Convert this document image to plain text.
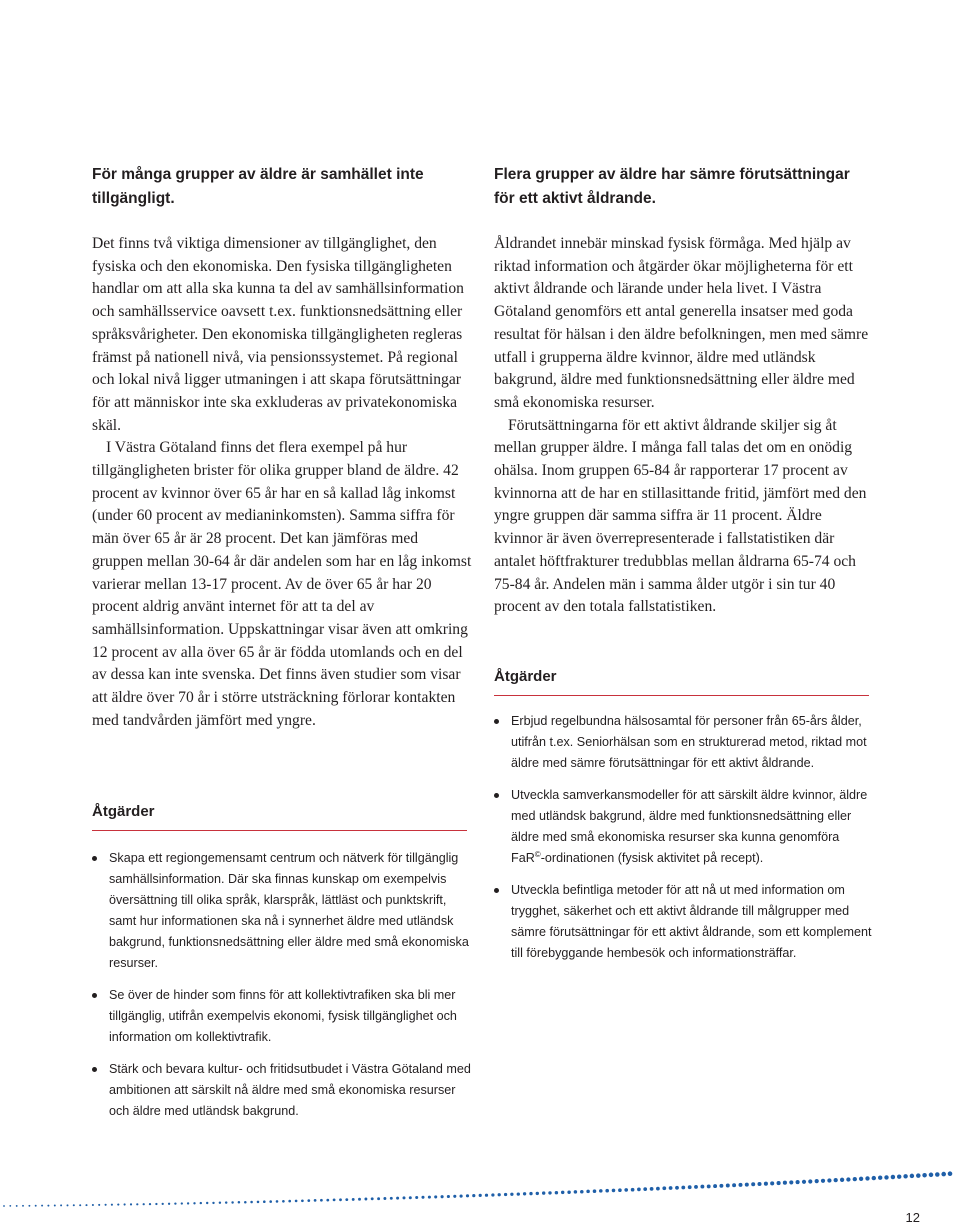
För många grupper av äldre är samhället inte tillgängligt.

Det finns två viktiga dimensioner av tillgänglighet, den fysiska och den ekonomiska. Den fysiska tillgängligheten handlar om att alla ska kunna ta del av samhällsinformation och samhällsservice oavsett t.ex. funktionsnedsättning eller språksvårigheter. Den ekonomiska tillgängligheten regleras främst på nationell nivå, via pensionssystemet. På regional och lokal nivå ligger utmaningen i att skapa förutsättningar för att människor inte ska exkluderas av privatekonomiska skäl.

I Västra Götaland finns det flera exempel på hur tillgängligheten brister för olika grupper bland de äldre. 42 procent av kvinnor över 65 år har en så kallad låg inkomst (under 60 procent av medianinkomsten). Samma siffra för män över 65 år är 28 procent. Det kan jämföras med gruppen mellan 30-64 år där andelen som har en låg inkomst varierar mellan 13-17 procent. Av de över 65 år har 20 procent aldrig använt internet för att ta del av samhällsinformation. Uppskattningar visar även att omkring 12 procent av alla över 65 år är födda utomlands och en del av dessa kan inte svenska. Det finns även studier som visar att äldre över 70 år i större utsträckning förlorar kontakten med tandvården jämfört med yngre.

Åtgärder
Skapa ett regiongemensamt centrum och nätverk för tillgänglig samhällsinformation. Där ska finnas kunskap om exempelvis översättning till olika språk, klarspråk, lättläst och punktskrift, samt hur informationen ska nå i synnerhet äldre med utländsk bakgrund, funktionsnedsättning eller äldre med små ekonomiska resurser.
Se över de hinder som finns för att kollektivtrafiken ska bli mer tillgänglig, utifrån exempelvis ekonomi, fysisk tillgänglighet och information om kollektivtrafik.
Stärk och bevara kultur- och fritidsutbudet i Västra Götaland med ambitionen att särskilt nå äldre med små ekonomiska resurser och äldre med utländsk bakgrund.
Flera grupper av äldre har sämre förutsättningar för ett aktivt åldrande.

Åldrandet innebär minskad fysisk förmåga. Med hjälp av riktad information och åtgärder ökar möjligheterna för ett aktivt åldrande och lärande under hela livet. I Västra Götaland genomförs ett antal generella insatser med goda resultat för hälsan i den äldre befolkningen, men med sämre utfall i grupperna äldre kvinnor, äldre med utländsk bakgrund, äldre med funktionsnedsättning eller äldre med små ekonomiska resurser.

Förutsättningarna för ett aktivt åldrande skiljer sig åt mellan grupper äldre. I många fall talas det om en onödig ohälsa. Inom gruppen 65-84 år rapporterar 17 procent av kvinnorna att de har en stillasittande fritid, jämfört med den yngre gruppen där samma siffra är 11 procent. Äldre kvinnor är även överrepresenterade i fallstatistiken där antalet höftfrakturer tredubblas mellan åldrarna 65-74 och 75-84 år. Andelen män i samma ålder utgör i sin tur 40 procent av den totala fallstatistiken.

Åtgärder
Erbjud regelbundna hälsosamtal för personer från 65-års ålder, utifrån t.ex. Seniorhälsan som en strukturerad metod, riktad mot äldre med sämre förutsättningar för ett aktivt åldrande.
Utveckla samverkansmodeller för att särskilt äldre kvinnor, äldre med utländsk bakgrund, äldre med funktionsnedsättning eller äldre med små ekonomiska resurser ska kunna genomföra FaR©-ordinationen (fysisk aktivitet på recept).
Utveckla befintliga metoder för att nå ut med information om trygghet, säkerhet och ett aktivt åldrande till målgrupper med sämre förutsättningar för ett aktivt åldrande, som ett komplement till förebyggande hembesök och informationsträffar.
12
